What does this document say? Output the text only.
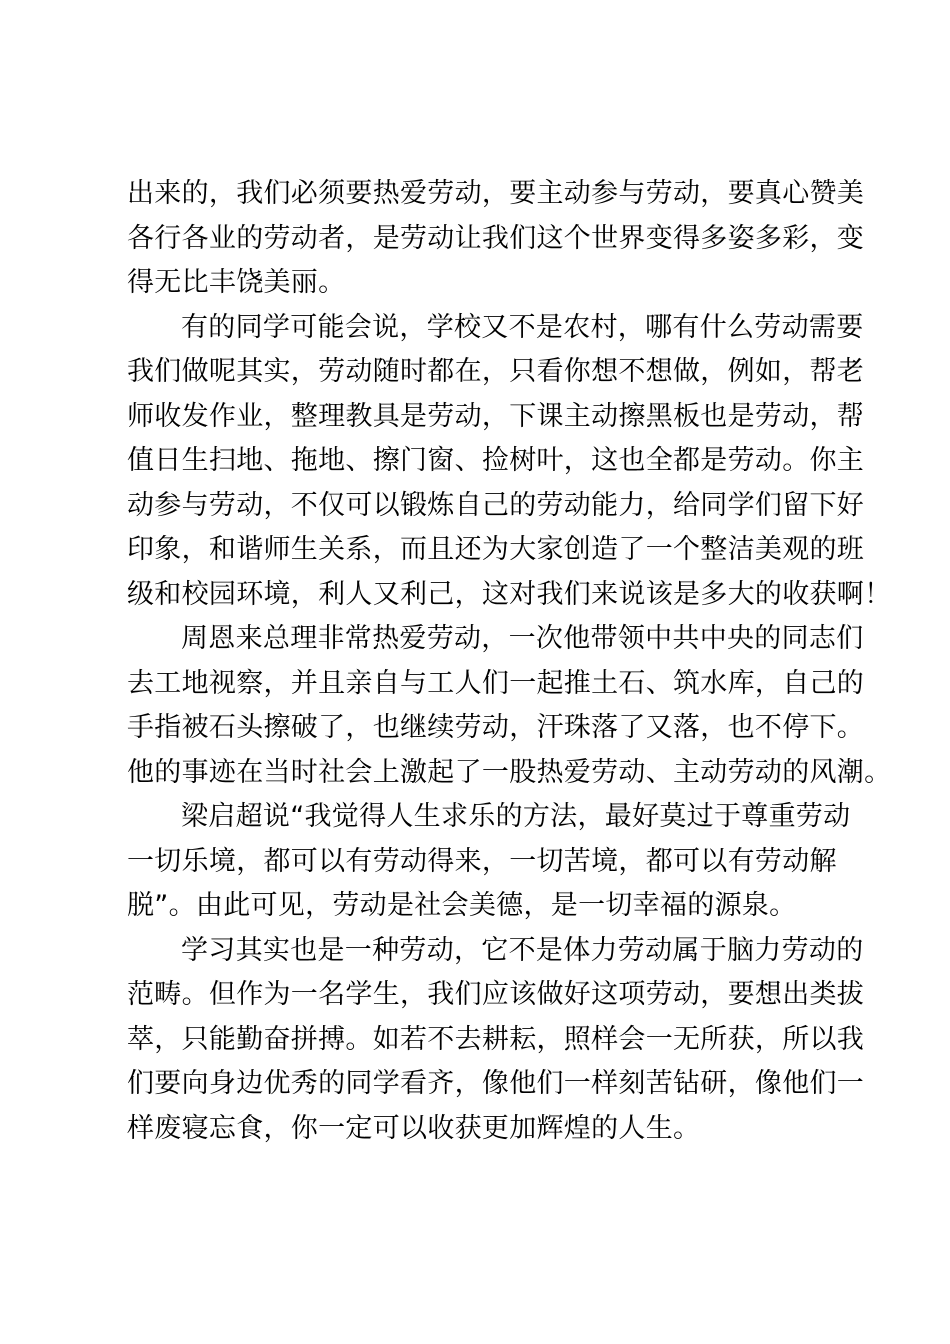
出来的，我们必须要热爱劳动，要主动参与劳动，要真心赞美
各行各业的劳动者，是劳动让我们这个世界变得多姿多彩，变
得无比丰饶美丽。

有的同学可能会说，学校又不是农村，哪有什么劳动需要
我们做呢其实，劳动随时都在，只看你想不想做，例如，帮老
师收发作业，整理教具是劳动，下课主动擦黑板也是劳动，帮
值日生扫地、拖地、擦门窗、捡树叶，这也全都是劳动。你主
动参与劳动，不仅可以锻炼自己的劳动能力，给同学们留下好
印象，和谐师生关系，而且还为大家创造了一个整洁美观的班
级和校园环境，利人又利己，这对我们来说该是多大的收获啊！

周恩来总理非常热爱劳动，一次他带领中共中央的同志们
去工地视察，并且亲自与工人们一起推土石、筑水库，自己的
手指被石头擦破了，也继续劳动，汗珠落了又落，也不停下。
他的事迹在当时社会上激起了一股热爱劳动、主动劳动的风潮。

梁启超说“我觉得人生求乐的方法，最好莫过于尊重劳动
一切乐境，都可以有劳动得来，一切苦境，都可以有劳动解
脱”。由此可见，劳动是社会美德，是一切幸福的源泉。

学习其实也是一种劳动，它不是体力劳动属于脑力劳动的
范畴。但作为一名学生，我们应该做好这项劳动，要想出类拔
萃，只能勤奋拼搏。如若不去耕耘，照样会一无所获，所以我
们要向身边优秀的同学看齐，像他们一样刻苦钻研，像他们一
样废寝忘食，你一定可以收获更加辉煌的人生。
